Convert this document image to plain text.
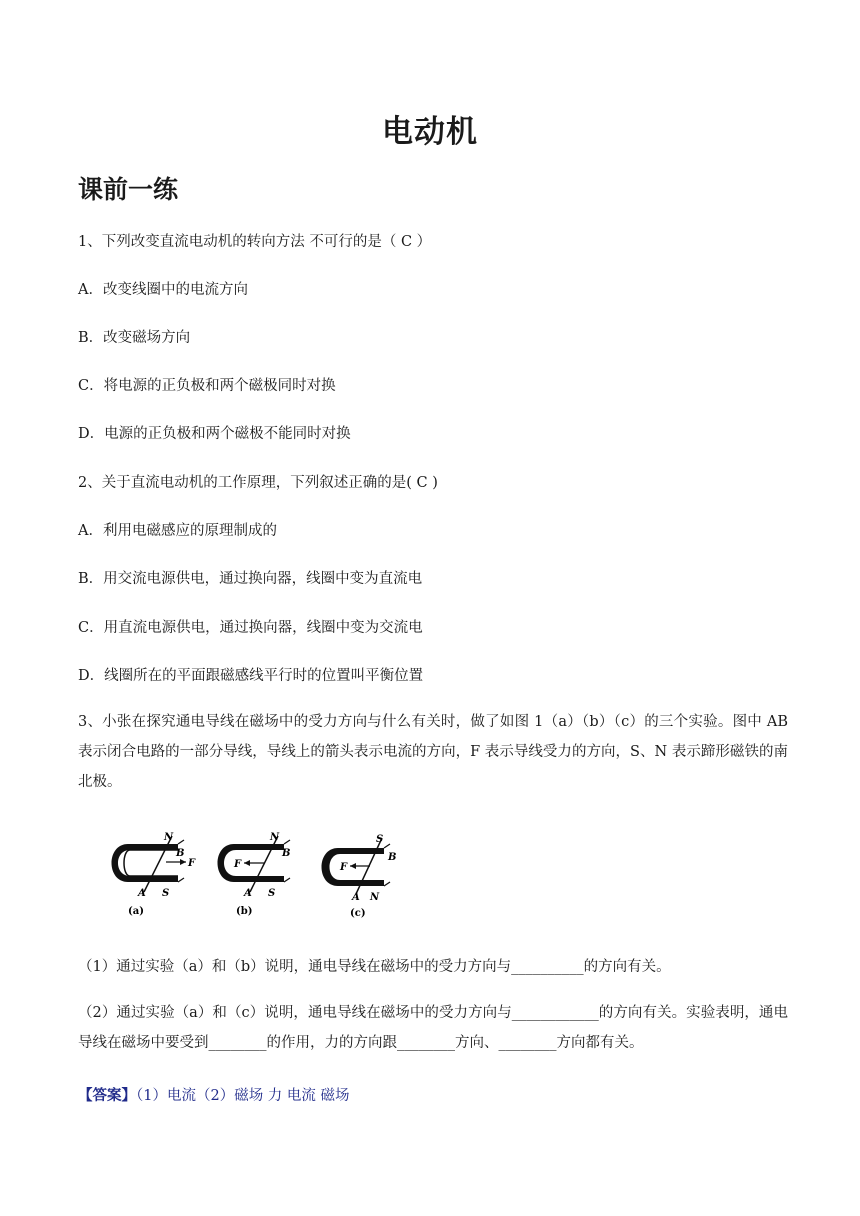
电动机
课前一练
1、下列改变直流电动机的转向方法 不可行的是（ C ）
A．改变线圈中的电流方向
B．改变磁场方向
C．将电源的正负极和两个磁极同时对换
D．电源的正负极和两个磁极不能同时对换
2、关于直流电动机的工作原理，下列叙述正确的是( C )
A．利用电磁感应的原理制成的
B．用交流电源供电，通过换向器，线圈中变为直流电
C．用直流电源供电，通过换向器，线圈中变为交流电
D．线圈所在的平面跟磁感线平行时的位置叫平衡位置
3、小张在探究通电导线在磁场中的受力方向与什么有关时，做了如图 1（a）（b）（c）的三个实验。图中 AB 表示闭合电路的一部分导线，导线上的箭头表示电流的方向，F 表示导线受力的方向，S、N 表示蹄形磁铁的南北极。
N
B
F
A S
(a)
N
B
F
A S
(b)
S
B
F
A N
(c)
（1）通过实验（a）和（b）说明，通电导线在磁场中的受力方向与__________的方向有关。
（2）通过实验（a）和（c）说明，通电导线在磁场中的受力方向与____________的方向有关。实验表明，通电导线在磁场中要受到________的作用，力的方向跟________方向、________方向都有关。
【答案】（1）电流（2）磁场 力 电流 磁场
